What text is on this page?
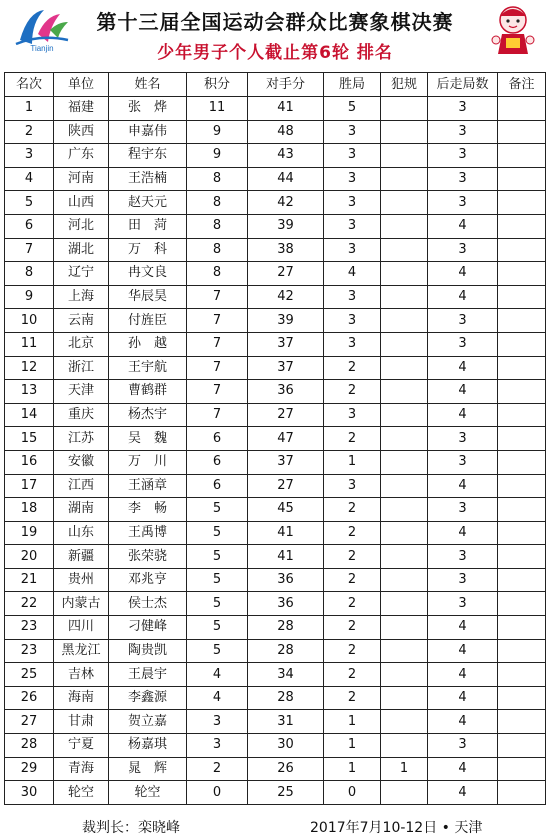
Tianjin
第十三届全国运动会群众比赛象棋决赛
少年男子个人截止第6轮 排名
名次	单位	姓名	积分	对手分	胜局	犯规	后走局数	备注
1	福建	张　烨	11	41	5		3	
2	陕西	申嘉伟	9	48	3		3	
3	广东	程宇东	9	43	3		3	
4	河南	王浩楠	8	44	3		3	
5	山西	赵天元	8	42	3		3	
6	河北	田　菏	8	39	3		4	
7	湖北	万　科	8	38	3		3	
8	辽宁	冉文良	8	27	4		4	
9	上海	华辰昊	7	42	3		4	
10	云南	付旌臣	7	39	3		3	
11	北京	孙　越	7	37	3		3	
12	浙江	王宇航	7	37	2		4	
13	天津	曹鹤群	7	36	2		4	
14	重庆	杨杰宇	7	27	3		4	
15	江苏	吴　魏	6	47	2		3	
16	安徽	万　川	6	37	1		3	
17	江西	王涵章	6	27	3		4	
18	湖南	李　畅	5	45	2		3	
19	山东	王禹博	5	41	2		4	
20	新疆	张荣骁	5	41	2		3	
21	贵州	邓兆亨	5	36	2		3	
22	内蒙古	侯士杰	5	36	2		3	
23	四川	刁健峰	5	28	2		4	
23	黑龙江	陶贵凯	5	28	2		4	
25	吉林	王晨宇	4	34	2		4	
26	海南	李鑫源	4	28	2		4	
27	甘肃	贺立嘉	3	31	1		4	
28	宁夏	杨嘉琪	3	30	1		3	
29	青海	晁　辉	2	26	1	1	4	
30	轮空	轮空	0	25	0		4	
裁判长：栾晓峰	2017年7月10-12日 • 天津
